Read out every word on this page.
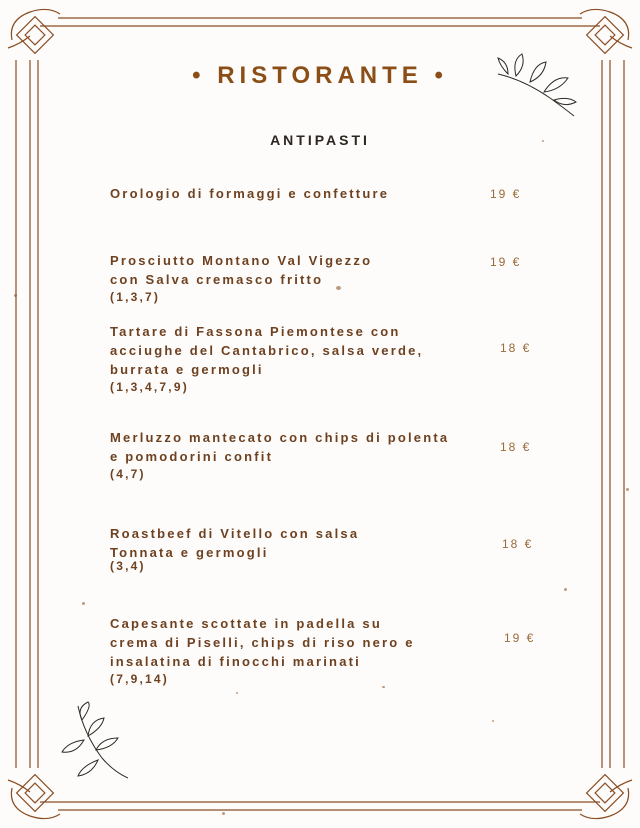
• RISTORANTE •
ANTIPASTI
Orologio di formaggi e confetture	19 €
Prosciutto Montano Val Vigezzo
con Salva cremasco fritto
(1,3,7)
19 €
Tartare di Fassona Piemontese con
acciughe del Cantabrico, salsa verde,
burrata e germogli
(1,3,4,7,9)
18 €
Merluzzo mantecato con chips di polenta
e pomodorini confit
(4,7)
18 €
Roastbeef di Vitello con salsa
Tonnata e germogli
(3,4)
18 €
Capesante scottate in padella su
crema di Piselli, chips di riso nero e
insalatina di finocchi marinati
(7,9,14)
19 €
